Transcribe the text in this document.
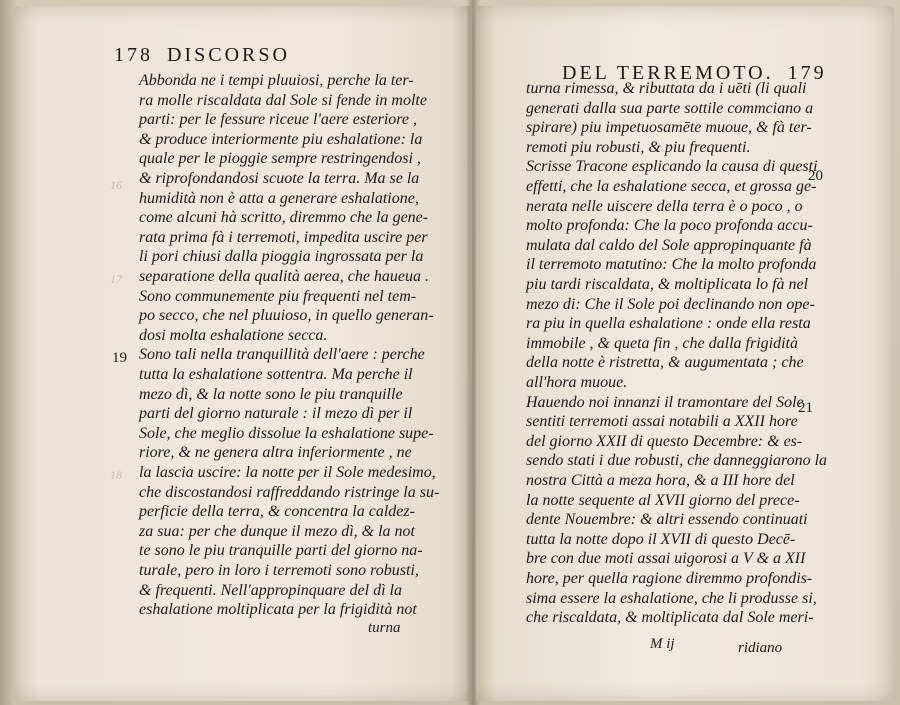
178 DISCORSO
16
17
18
19
Abbonda ne i tempi pluuiosi, perche la ter-
ra molle riscaldata dal Sole si fende in molte
parti: per le fessure riceue l'aere esteriore ,
& produce interiormente piu eshalatione: la
quale per le pioggie sempre restringendosi ,
& riprofondandosi scuote la terra. Ma se la
humidità non è atta a generare eshalatione,
come alcuni hà scritto, diremmo che la gene-
rata prima fà i terremoti, impedita uscire per
li pori chiusi dalla pioggia ingrossata per la
separatione della qualità aerea, che haueua .
Sono communemente piu frequenti nel tem-
po secco, che nel pluuioso, in quello generan-
dosi molta eshalatione secca.
Sono tali nella tranquillità dell'aere : perche
tutta la eshalatione sottentra. Ma perche il
mezo dì, & la notte sono le piu tranquille
parti del giorno naturale : il mezo dì per il
Sole, che meglio dissolue la eshalatione supe-
riore, & ne genera altra inferiormente , ne
la lascia uscire: la notte per il Sole medesimo,
che discostandosi raffreddando ristringe la su-
perficie della terra, & concentra la caldez-
za sua: per che dunque il mezo dì, & la not
te sono le piu tranquille parti del giorno na-
turale, pero in loro i terremoti sono robusti,
& frequenti. Nell'appropinquare del dì la
eshalatione moltiplicata per la frigidità not
turna
DEL TERREMOTO. 179
20
21
turna rimessa, & ributtata da i uēti (li quali
generati dalla sua parte sottile commciano a
spirare) piu impetuosamēte muoue, & fà ter-
remoti piu robusti, & piu frequenti.
Scrisse Tracone esplicando la causa di questi
effetti, che la eshalatione secca, et grossa ge-
nerata nelle uiscere della terra è o poco , o
molto profonda: Che la poco profonda accu-
mulata dal caldo del Sole appropinquante fà
il terremoto matutino: Che la molto profonda
piu tardi riscaldata, & moltiplicata lo fà nel
mezo di: Che il Sole poi declinando non ope-
ra piu in quella eshalatione : onde ella resta
immobile , & queta fin , che dalla frigidità
della notte è ristretta, & augumentata ; che
all'hora muoue.
Hauendo noi innanzi il tramontare del Sole
sentiti terremoti assai notabili a XXII hore
del giorno XXII di questo Decembre: & es-
sendo stati i due robusti, che danneggiarono la
nostra Città a meza hora, & a III hore del
la notte sequente al XVII giorno del prece-
dente Nouembre: & altri essendo continuati
tutta la notte dopo il XVII di questo Decē-
bre con due moti assai uigorosi a V & a XII
hore, per quella ragione diremmo profondis-
sima essere la eshalatione, che li produsse si,
che riscaldata, & moltiplicata dal Sole meri-
M ij	ridiano
